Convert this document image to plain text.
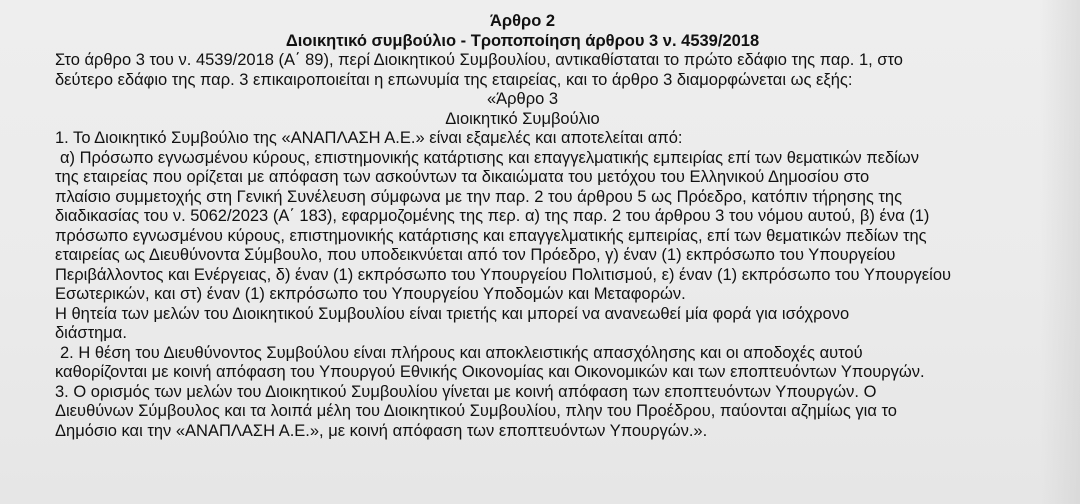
Άρθρο 2
Διοικητικό συμβούλιο - Τροποποίηση άρθρου 3 ν. 4539/2018
Στο άρθρο 3 του ν. 4539/2018 (Α΄ 89), περί Διοικητικού Συμβουλίου, αντικαθίσταται το πρώτο εδάφιο της παρ. 1, στο
δεύτερο εδάφιο της παρ. 3 επικαιροποιείται η επωνυμία της εταιρείας, και το άρθρο 3 διαμορφώνεται ως εξής:
«Άρθρο 3
Διοικητικό Συμβούλιο
1. Το Διοικητικό Συμβούλιο της «ΑΝΑΠΛΑΣΗ Α.Ε.» είναι εξαμελές και αποτελείται από:
α) Πρόσωπο εγνωσμένου κύρους, επιστημονικής κατάρτισης και επαγγελματικής εμπειρίας επί των θεματικών πεδίων
της εταιρείας που ορίζεται με απόφαση των ασκούντων τα δικαιώματα του μετόχου του Ελληνικού Δημοσίου στο
πλαίσιο συμμετοχής στη Γενική Συνέλευση σύμφωνα με την παρ. 2 του άρθρου 5 ως Πρόεδρο, κατόπιν τήρησης της
διαδικασίας του ν. 5062/2023 (Α΄ 183), εφαρμοζομένης της περ. α) της παρ. 2 του άρθρου 3 του νόμου αυτού, β) ένα (1)
πρόσωπο εγνωσμένου κύρους, επιστημονικής κατάρτισης και επαγγελματικής εμπειρίας, επί των θεματικών πεδίων της
εταιρείας ως Διευθύνοντα Σύμβουλο, που υποδεικνύεται από τον Πρόεδρο, γ) έναν (1) εκπρόσωπο του Υπουργείου
Περιβάλλοντος και Ενέργειας, δ) έναν (1) εκπρόσωπο του Υπουργείου Πολιτισμού, ε) έναν (1) εκπρόσωπο του Υπουργείου
Εσωτερικών, και στ) έναν (1) εκπρόσωπο του Υπουργείου Υποδομών και Μεταφορών.
Η θητεία των μελών του Διοικητικού Συμβουλίου είναι τριετής και μπορεί να ανανεωθεί μία φορά για ισόχρονο
διάστημα.
2. Η θέση του Διευθύνοντος Συμβούλου είναι πλήρους και αποκλειστικής απασχόλησης και οι αποδοχές αυτού
καθορίζονται με κοινή απόφαση του Υπουργού Εθνικής Οικονομίας και Οικονομικών και των εποπτευόντων Υπουργών.
3. Ο ορισμός των μελών του Διοικητικού Συμβουλίου γίνεται με κοινή απόφαση των εποπτευόντων Υπουργών. Ο
Διευθύνων Σύμβουλος και τα λοιπά μέλη του Διοικητικού Συμβουλίου, πλην του Προέδρου, παύονται αζημίως για το
Δημόσιο και την «ΑΝΑΠΛΑΣΗ Α.Ε.», με κοινή απόφαση των εποπτευόντων Υπουργών.».
